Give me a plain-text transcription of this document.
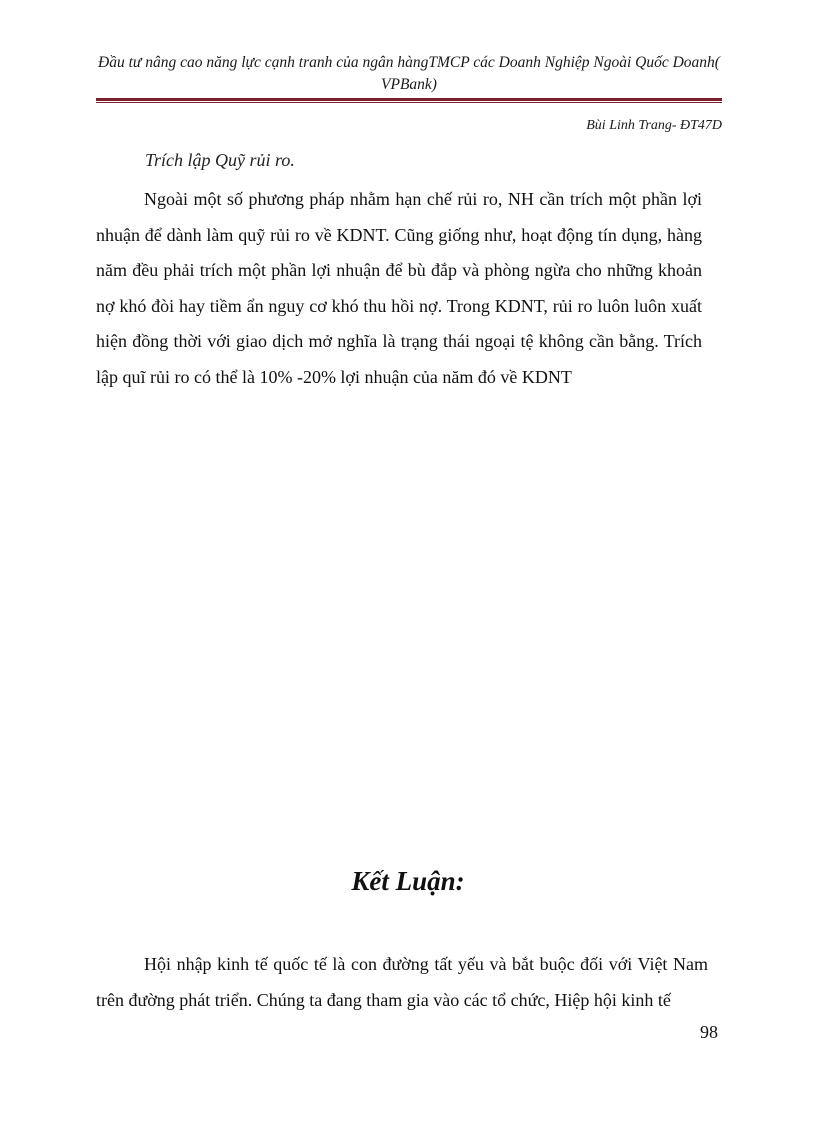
Đầu tư nâng cao năng lực cạnh tranh của ngân hàngTMCP các Doanh Nghiệp Ngoài Quốc Doanh( VPBank)
Bùi Linh Trang- ĐT47D
Trích lập Quỹ rủi ro.
Ngoài một số phương pháp nhằm hạn chế rủi ro, NH cần trích một phần lợi nhuận để dành làm quỹ rủi ro về KDNT. Cũng giống như, hoạt động tín dụng, hàng năm đều phải trích một phần lợi nhuận để bù đắp và phòng ngừa cho những khoản nợ khó đòi hay tiềm ẩn nguy cơ khó thu hồi nợ. Trong KDNT, rủi ro luôn luôn xuất hiện đồng thời với giao dịch mở nghĩa là trạng thái ngoại tệ không cần bằng. Trích lập quĩ rủi ro có thể là 10% -20% lợi nhuận của năm đó về KDNT
Kết Luận:
Hội nhập kinh tế quốc tế là con đường tất yếu và bắt buộc đối với Việt Nam trên đường phát triển. Chúng ta đang tham gia vào các tổ chức, Hiệp hội kinh tế
98
